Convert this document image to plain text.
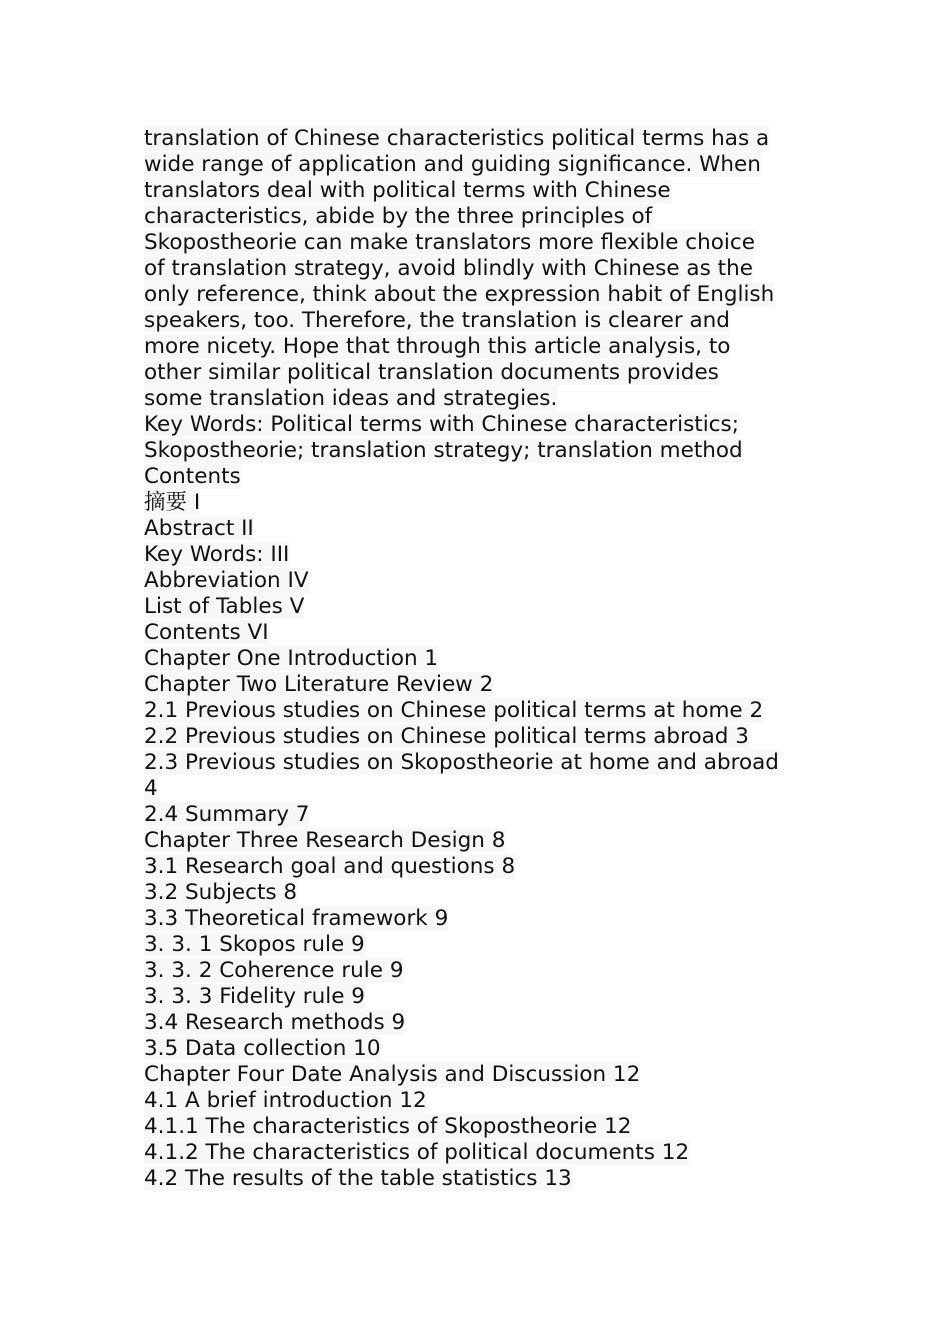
translation of Chinese characteristics political terms has a
wide range of application and guiding significance. When
translators deal with political terms with Chinese
characteristics, abide by the three principles of
Skopostheorie can make translators more flexible choice
of translation strategy, avoid blindly with Chinese as the
only reference, think about the expression habit of English
speakers, too. Therefore, the translation is clearer and
more nicety. Hope that through this article analysis, to
other similar political translation documents provides
some translation ideas and strategies.

Key Words: Political terms with Chinese characteristics;
Skopostheorie; translation strategy; translation method

Contents

摘要 I
Abstract II
Key Words: III
Abbreviation IV
List of Tables V
Contents VI
Chapter One Introduction 1
Chapter Two Literature Review 2
2.1 Previous studies on Chinese political terms at home 2
2.2 Previous studies on Chinese political terms abroad 3
2.3 Previous studies on Skopostheorie at home and abroad
4
2.4 Summary 7
Chapter Three Research Design 8
3.1 Research goal and questions 8
3.2 Subjects 8
3.3 Theoretical framework 9
3. 3. 1 Skopos rule 9
3. 3. 2 Coherence rule 9
3. 3. 3 Fidelity rule 9
3.4 Research methods 9
3.5 Data collection 10
Chapter Four Date Analysis and Discussion 12
4.1 A brief introduction 12
4.1.1 The characteristics of Skopostheorie 12
4.1.2 The characteristics of political documents 12
4.2 The results of the table statistics 13
